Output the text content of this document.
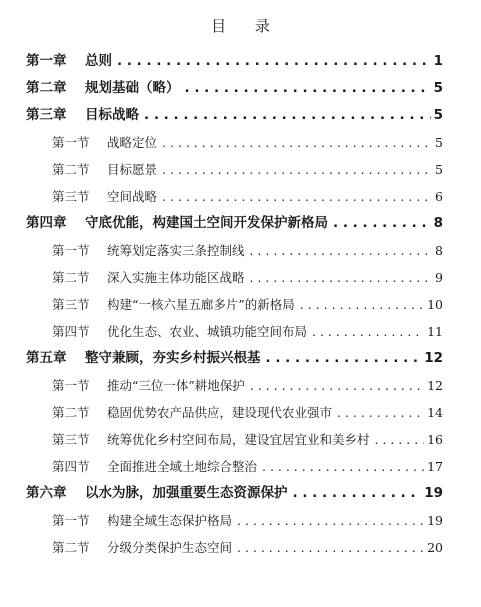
目 录
第一章	总则 . . .	1
第二章	规划基础（略） . . .	5
第三章	目标战略 . . .	5
第一节	战略定位 . . .	5
第二节	目标愿景 . . .	5
第三节	空间战略 . . .	6
第四章	守底优能，构建国土空间开发保护新格局 . . .	8
第一节	统筹划定落实三条控制线 . . .	8
第二节	深入实施主体功能区战略 . . .	9
第三节	构建“一核六星五廊多片”的新格局 . . .	10
第四节	优化生态、农业、城镇功能空间布局 . . .	11
第五章	整守兼顾，夯实乡村振兴根基 . . .	12
第一节	推动“三位一体”耕地保护 . . .	12
第二节	稳固优势农产品供应，建设现代农业强市 . . .	14
第三节	统筹优化乡村空间布局，建设宜居宜业和美乡村 . . .	16
第四节	全面推进全域土地综合整治 . . .	17
第六章	以水为脉，加强重要生态资源保护 . . .	19
第一节	构建全域生态保护格局 . . .	19
第二节	分级分类保护生态空间 . . .	20
